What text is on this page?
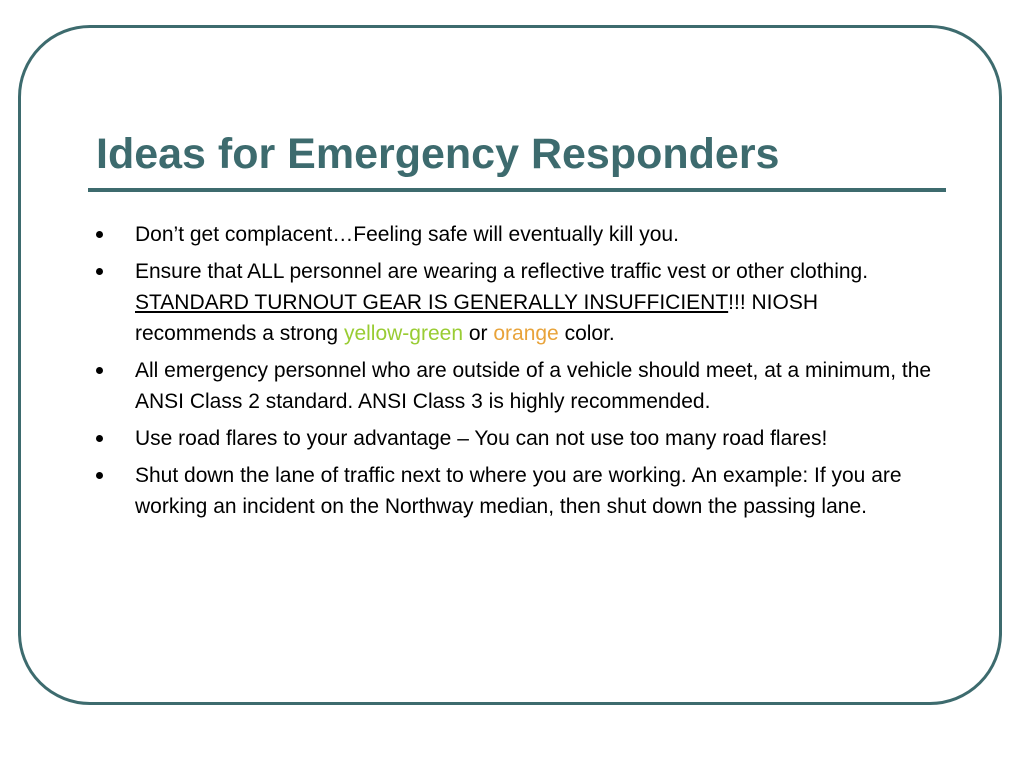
Ideas for Emergency Responders
Don’t get complacent…Feeling safe will eventually kill you.
Ensure that ALL personnel are wearing a reflective traffic vest or other clothing. STANDARD TURNOUT GEAR IS GENERALLY INSUFFICIENT!!! NIOSH recommends a strong yellow-green or orange color.
All emergency personnel who are outside of a vehicle should meet, at a minimum, the ANSI Class 2 standard. ANSI Class 3 is highly recommended.
Use road flares to your advantage – You can not use too many road flares!
Shut down the lane of traffic next to where you are working. An example: If you are working an incident on the Northway median, then shut down the passing lane.
